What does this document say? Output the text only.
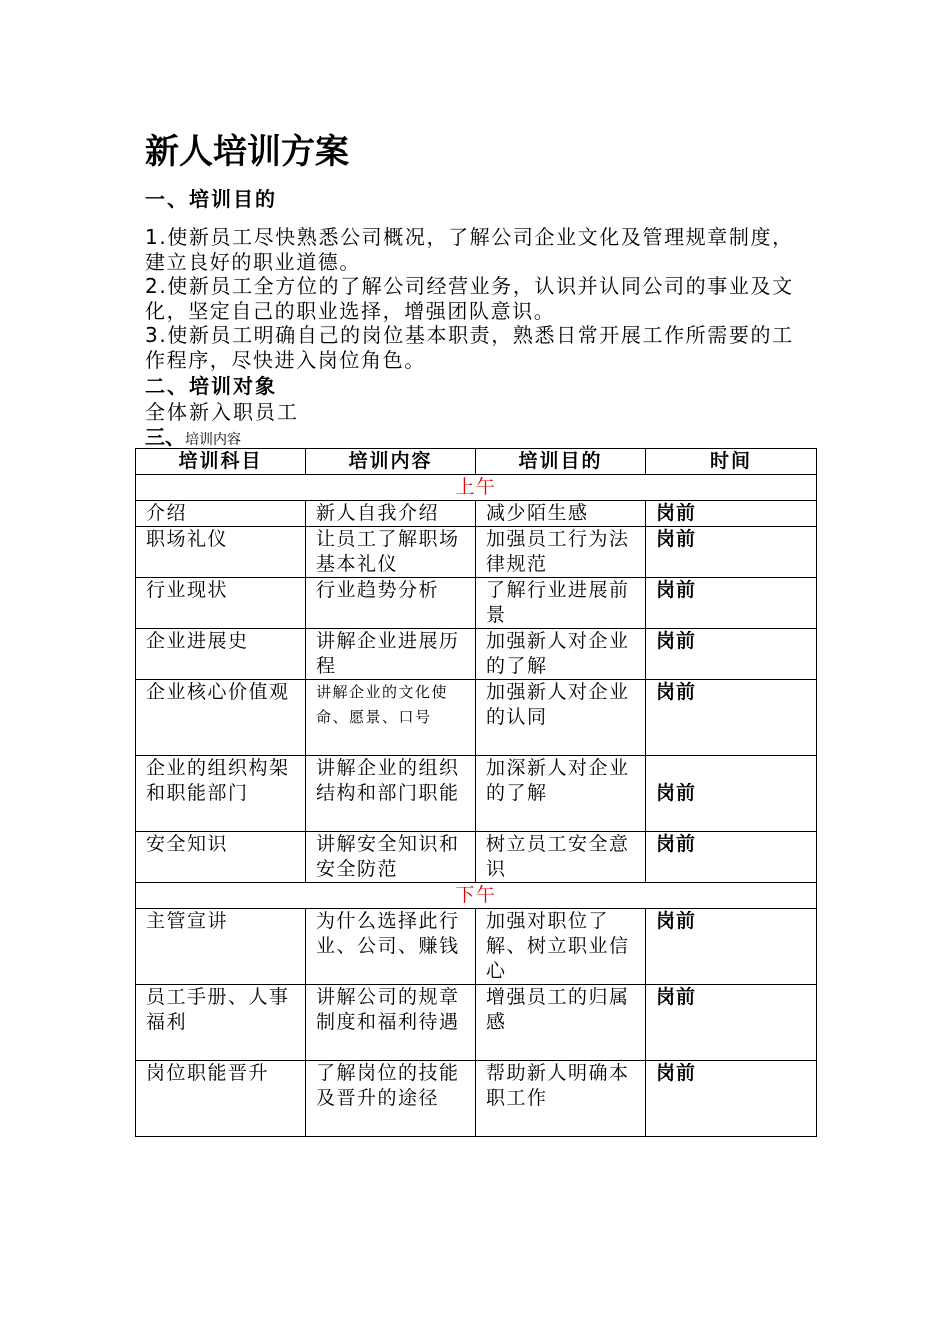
新人培训方案
一、培训目的
1.使新员工尽快熟悉公司概况，了解公司企业文化及管理规章制度，建立良好的职业道德。
2.使新员工全方位的了解公司经营业务，认识并认同公司的事业及文化，坚定自己的职业选择，增强团队意识。
3.使新员工明确自己的岗位基本职责，熟悉日常开展工作所需要的工作程序，尽快进入岗位角色。
二、培训对象
全体新入职员工
三、培训内容
培训科目	培训内容	培训目的	时间
上午			
介绍	新人自我介绍	减少陌生感	岗前
职场礼仪	让员工了解职场基本礼仪	加强员工行为法律规范	岗前
行业现状	行业趋势分析	了解行业进展前景	岗前
企业进展史	讲解企业进展历程	加强新人对企业的了解	岗前
企业核心价值观	讲解企业的文化使命、愿景、口号	加强新人对企业的认同	岗前
企业的组织构架和职能部门	讲解企业的组织结构和部门职能	加深新人对企业的了解	岗前
安全知识	讲解安全知识和安全防范	树立员工安全意识	岗前
下午			
主管宣讲	为什么选择此行业、公司、赚钱	加强对职位了解、树立职业信心	岗前
员工手册、人事福利	讲解公司的规章制度和福利待遇	增强员工的归属感	岗前
岗位职能晋升	了解岗位的技能及晋升的途径	帮助新人明确本职工作	岗前
